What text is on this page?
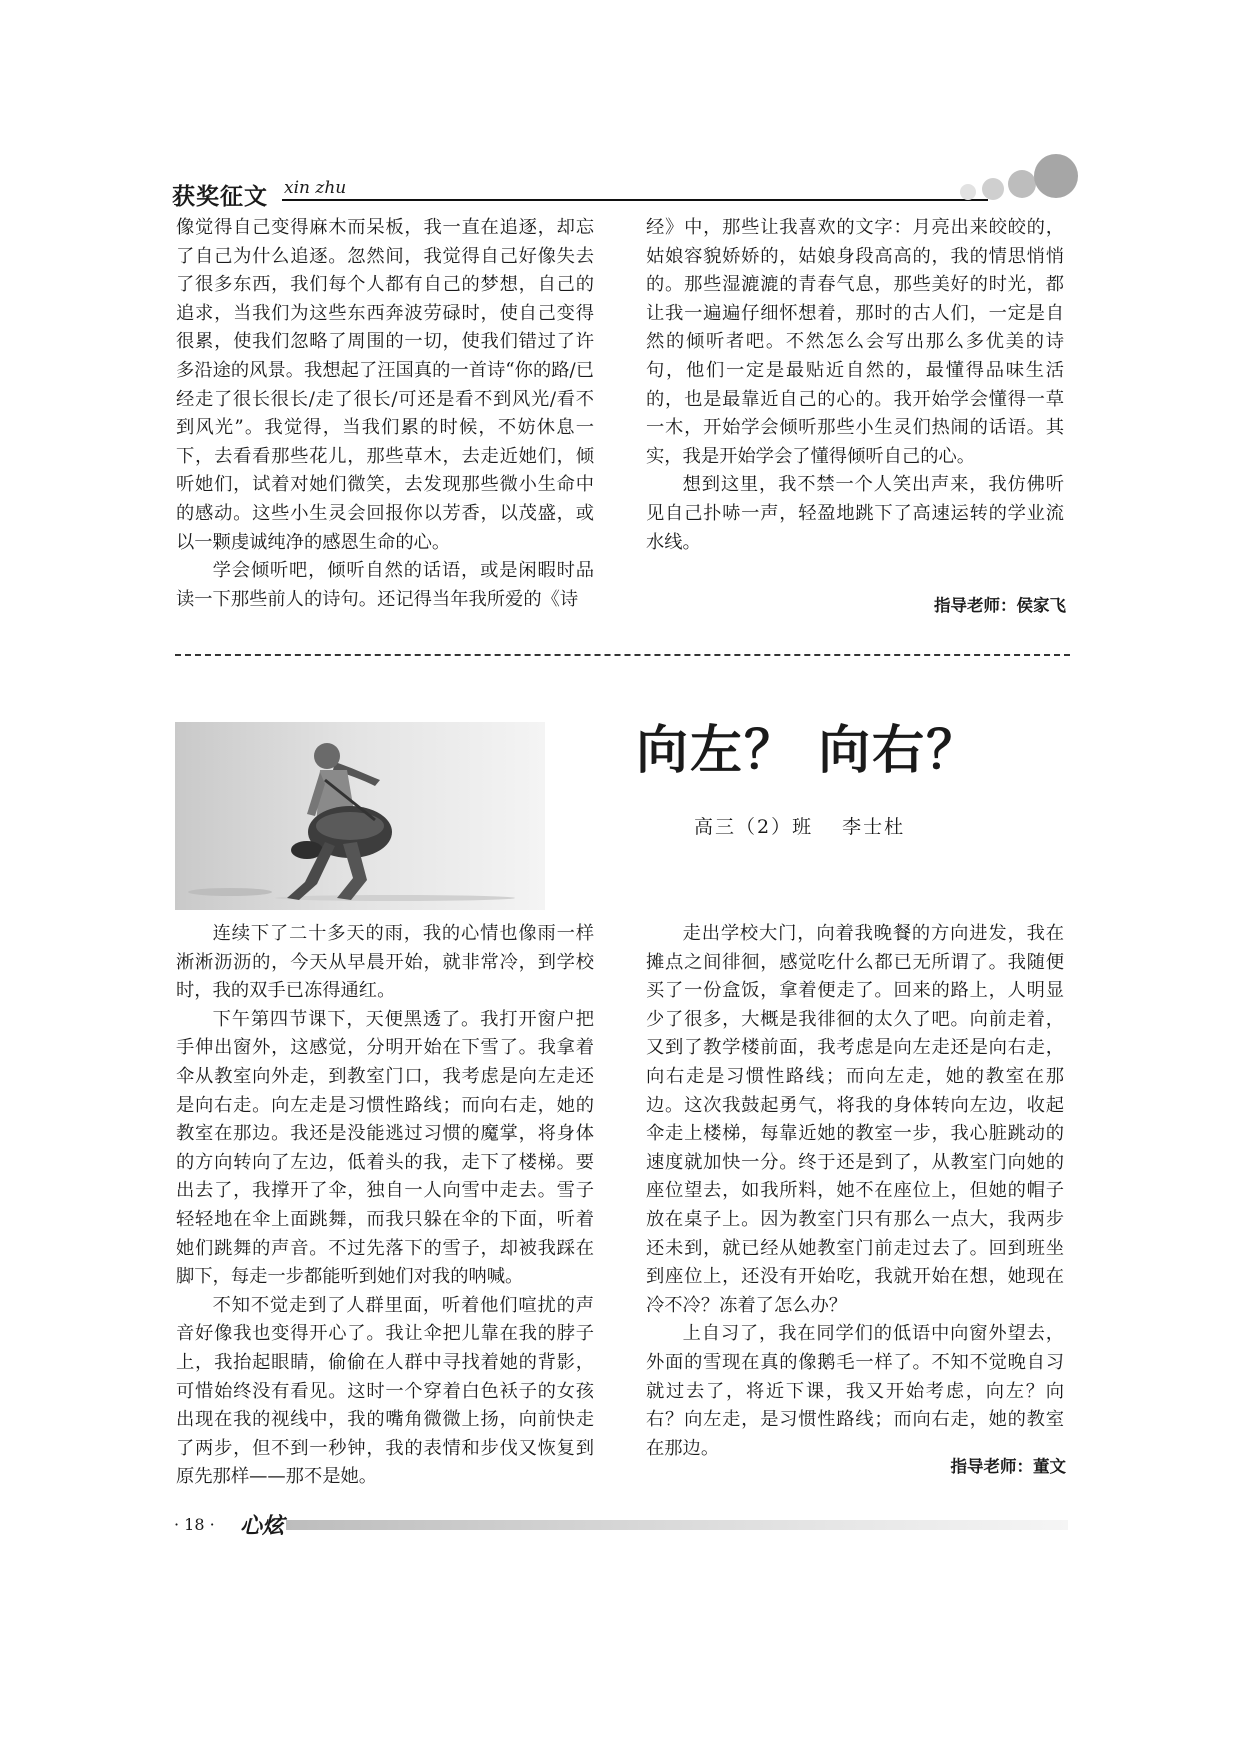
获奖征文 xin zhu

像觉得自己变得麻木而呆板，我一直在追逐，却忘了自己为什么追逐。忽然间，我觉得自己好像失去了很多东西，我们每个人都有自己的梦想，自己的追求，当我们为这些东西奔波劳碌时，使自己变得很累，使我们忽略了周围的一切，使我们错过了许多沿途的风景。我想起了汪国真的一首诗“你的路/已经走了很长很长/走了很长/可还是看不到风光/看不到风光”。我觉得，当我们累的时候，不妨休息一下，去看看那些花儿，那些草木，去走近她们，倾听她们，试着对她们微笑，去发现那些微小生命中的感动。这些小生灵会回报你以芳香，以茂盛，或以一颗虔诚纯净的感恩生命的心。

学会倾听吧，倾听自然的话语，或是闲暇时品读一下那些前人的诗句。还记得当年我所爱的《诗

经》中，那些让我喜欢的文字：月亮出来皎皎的，姑娘容貌娇娇的，姑娘身段高高的，我的情思悄悄的。那些湿漉漉的青春气息，那些美好的时光，都让我一遍遍仔细怀想着，那时的古人们，一定是自然的倾听者吧。不然怎么会写出那么多优美的诗句，他们一定是最贴近自然的，最懂得品味生活的，也是最靠近自己的心的。我开始学会懂得一草一木，开始学会倾听那些小生灵们热闹的话语。其实，我是开始学会了懂得倾听自己的心。

想到这里，我不禁一个人笑出声来，我仿佛听见自己扑哧一声，轻盈地跳下了高速运转的学业流水线。

指导老师：侯家飞
向左？ 向右？
高三（2）班　 李士杜

连续下了二十多天的雨，我的心情也像雨一样淅淅沥沥的，今天从早晨开始，就非常冷，到学校时，我的双手已冻得通红。

下午第四节课下，天便黑透了。我打开窗户把手伸出窗外，这感觉，分明开始在下雪了。我拿着伞从教室向外走，到教室门口，我考虑是向左走还是向右走。向左走是习惯性路线；而向右走，她的教室在那边。我还是没能逃过习惯的魔掌，将身体的方向转向了左边，低着头的我，走下了楼梯。要出去了，我撑开了伞，独自一人向雪中走去。雪子轻轻地在伞上面跳舞，而我只躲在伞的下面，听着她们跳舞的声音。不过先落下的雪子，却被我踩在脚下，每走一步都能听到她们对我的呐喊。

不知不觉走到了人群里面，听着他们喧扰的声音好像我也变得开心了。我让伞把儿靠在我的脖子上，我抬起眼睛，偷偷在人群中寻找着她的背影，可惜始终没有看见。这时一个穿着白色袄子的女孩出现在我的视线中，我的嘴角微微上扬，向前快走了两步，但不到一秒钟，我的表情和步伐又恢复到原先那样——那不是她。

走出学校大门，向着我晚餐的方向进发，我在摊点之间徘徊，感觉吃什么都已无所谓了。我随便买了一份盒饭，拿着便走了。回来的路上，人明显少了很多，大概是我徘徊的太久了吧。向前走着，又到了教学楼前面，我考虑是向左走还是向右走，向右走是习惯性路线；而向左走，她的教室在那边。这次我鼓起勇气，将我的身体转向左边，收起伞走上楼梯，每靠近她的教室一步，我心脏跳动的速度就加快一分。终于还是到了，从教室门向她的座位望去，如我所料，她不在座位上，但她的帽子放在桌子上。因为教室门只有那么一点大，我两步还未到，就已经从她教室门前走过去了。回到班坐到座位上，还没有开始吃，我就开始在想，她现在冷不冷？冻着了怎么办？

上自习了，我在同学们的低语中向窗外望去，外面的雪现在真的像鹅毛一样了。不知不觉晚自习就过去了，将近下课，我又开始考虑，向左？向右？向左走，是习惯性路线；而向右走，她的教室在那边。

指导老师：董文
· 18 · 心炫
